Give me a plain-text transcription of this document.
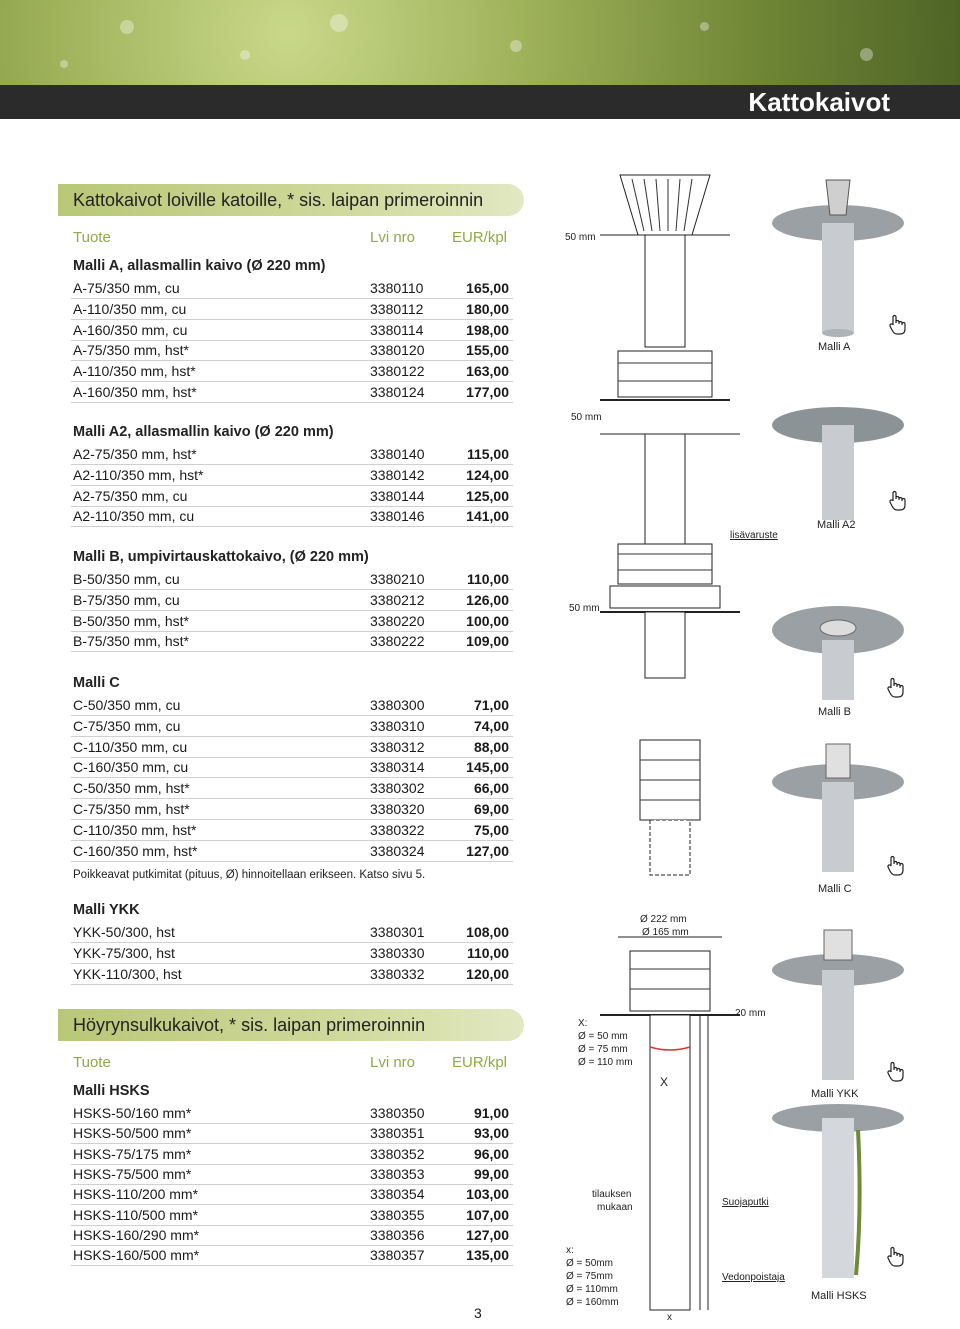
Kattokaivot
Kattokaivot loiville katoille, * sis. laipan primeroinnin
Tuote	Lvi nro EUR/kpl
Malli A, allasmallin kaivo (Ø 220 mm)
A-75/350 mm, cu	3380110	165,00
A-110/350 mm, cu	3380112	180,00
A-160/350 mm, cu	3380114	198,00
A-75/350 mm, hst*	3380120	155,00
A-110/350 mm, hst*	3380122	163,00
A-160/350 mm, hst*	3380124	177,00
Malli A2, allasmallin kaivo (Ø 220 mm)
A2-75/350 mm, hst*	3380140	115,00
A2-110/350 mm, hst*	3380142	124,00
A2-75/350 mm, cu	3380144	125,00
A2-110/350 mm, cu	3380146	141,00
Malli B, umpivirtauskattokaivo, (Ø 220 mm)
B-50/350 mm, cu	3380210	110,00
B-75/350 mm, cu	3380212	126,00
B-50/350 mm, hst*	3380220	100,00
B-75/350 mm, hst*	3380222	109,00
Malli C
C-50/350 mm, cu	3380300	71,00
C-75/350 mm, cu	3380310	74,00
C-110/350 mm, cu	3380312	88,00
C-160/350 mm, cu	3380314	145,00
C-50/350 mm, hst*	3380302	66,00
C-75/350 mm, hst*	3380320	69,00
C-110/350 mm, hst*	3380322	75,00
C-160/350 mm, hst*	3380324	127,00
Malli YKK
YKK-50/300, hst	3380301	108,00
YKK-75/300, hst	3380330	110,00
YKK-110/300, hst	3380332	120,00
Poikkeavat putkimitat (pituus, Ø) hinnoitellaan erikseen. Katso sivu 5.
Höyrynsulkukaivot, * sis. laipan primeroinnin
Tuote	Lvi nro EUR/kpl
Malli HSKS
HSKS-50/160 mm*	3380350	91,00
HSKS-50/500 mm*	3380351	93,00
HSKS-75/175 mm*	3380352	96,00
HSKS-75/500 mm*	3380353	99,00
HSKS-110/200 mm*	3380354	103,00
HSKS-110/500 mm*	3380355	107,00
HSKS-160/290 mm*	3380356	127,00
HSKS-160/500 mm*	3380357	135,00
3
50 mm
50 mm
50 mm
lisävaruste
Ø 222 mm
Ø 165 mm
X:
Ø = 50 mm
Ø = 75 mm
Ø = 110 mm
20 mm
X
tilauksen
mukaan	Suojaputki
Vedonpoistaja
x:
Ø = 50mm
Ø = 75mm
Ø = 110mm
Ø = 160mm
x
Malli A
Malli A2
Malli B
Malli C
Malli YKK
Malli HSKS
